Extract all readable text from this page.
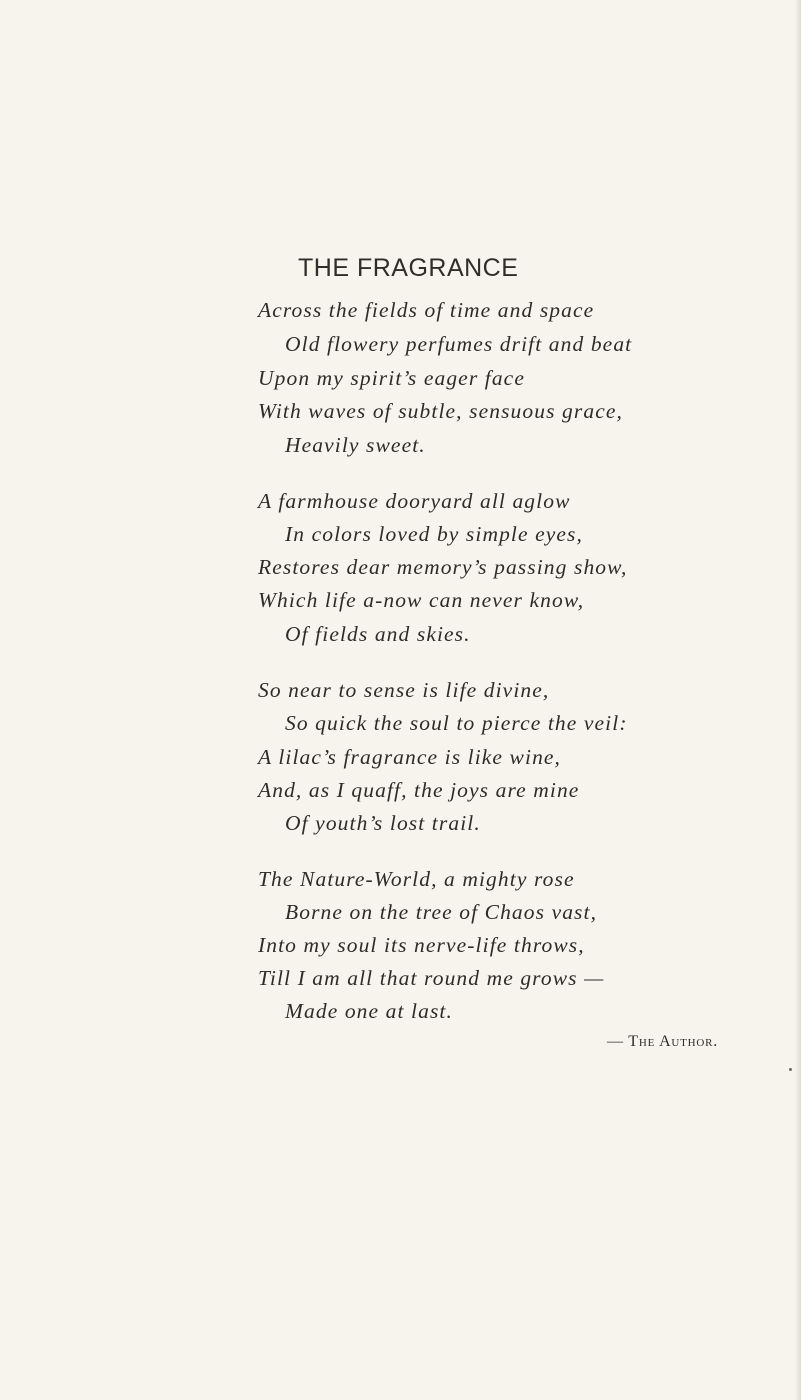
THE FRAGRANCE

Across the fields of time and space

Old flowery perfumes drift and beat

Upon my spirit’s eager face

With waves of subtle, sensuous grace,

Heavily sweet.

A farmhouse dooryard all aglow

In colors loved by simple eyes,

Restores dear memory’s passing show,

Which life a-now can never know,

Of fields and skies.

So near to sense is life divine,

So quick the soul to pierce the veil:

A lilac’s fragrance is like wine,

And, as I quaff, the joys are mine

Of youth’s lost trail.

The Nature-World, a mighty rose

Borne on the tree of Chaos vast,

Into my soul its nerve-life throws,

Till I am all that round me grows —

Made one at last.

— The Author.
